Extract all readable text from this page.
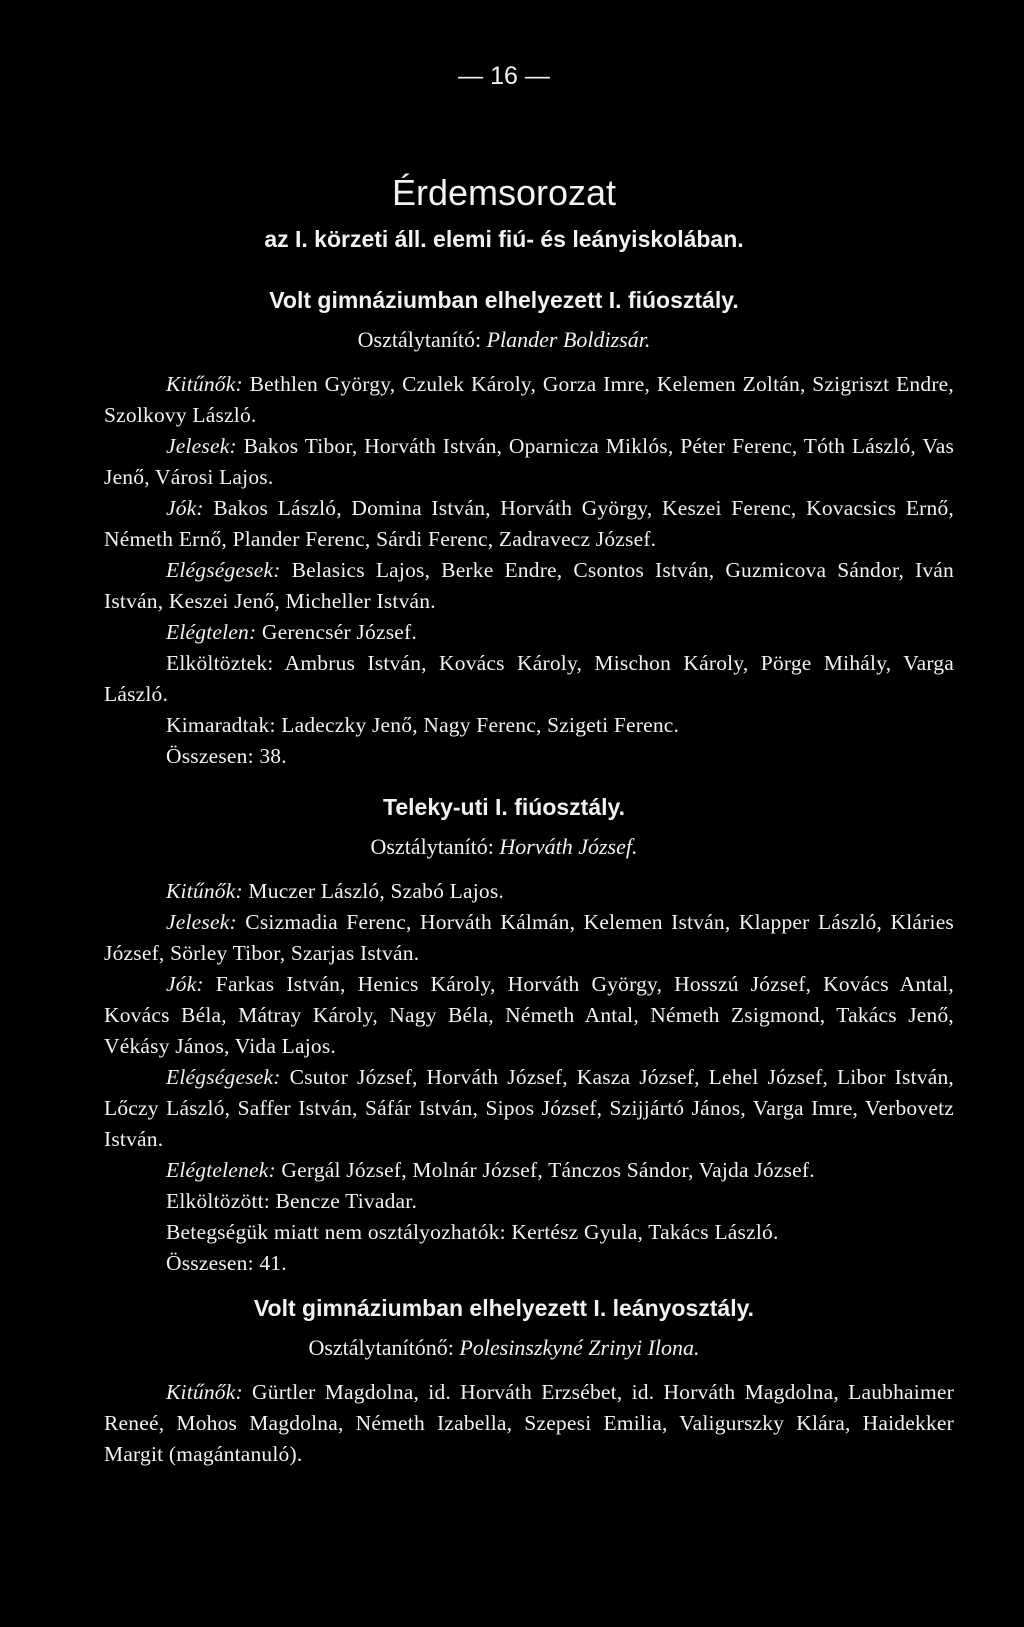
— 16 —
Érdemsorozat
az I. körzeti áll. elemi fiú- és leányiskolában.
Volt gimnáziumban elhelyezett I. fiúosztály.
Osztálytanító: Plander Boldizsár.

Kitűnők: Bethlen György, Czulek Károly, Gorza Imre, Kelemen Zoltán, Szigriszt Endre, Szolkovy László.

Jelesek: Bakos Tibor, Horváth István, Oparnicza Miklós, Péter Ferenc, Tóth László, Vas Jenő, Városi Lajos.

Jók: Bakos László, Domina István, Horváth György, Keszei Ferenc, Kovacsics Ernő, Németh Ernő, Plander Ferenc, Sárdi Ferenc, Zadravecz József.

Elégségesek: Belasics Lajos, Berke Endre, Csontos István, Guzmicova Sándor, Iván István, Keszei Jenő, Micheller István.

Elégtelen: Gerencsér József.

Elköltöztek: Ambrus István, Kovács Károly, Mischon Károly, Pörge Mihály, Varga László.

Kimaradtak: Ladeczky Jenő, Nagy Ferenc, Szigeti Ferenc.

Összesen: 38.

Teleky-uti I. fiúosztály.
Osztálytanító: Horváth József.

Kitűnők: Muczer László, Szabó Lajos.

Jelesek: Csizmadia Ferenc, Horváth Kálmán, Kelemen István, Klapper László, Kláries József, Sörley Tibor, Szarjas István.

Jók: Farkas István, Henics Károly, Horváth György, Hosszú József, Kovács Antal, Kovács Béla, Mátray Károly, Nagy Béla, Németh Antal, Németh Zsigmond, Takács Jenő, Vékásy János, Vida Lajos.

Elégségesek: Csutor József, Horváth József, Kasza József, Lehel József, Libor István, Lőczy László, Saffer István, Sáfár István, Sipos József, Szijjártó János, Varga Imre, Verbovetz István.

Elégtelenek: Gergál József, Molnár József, Tánczos Sándor, Vajda József.

Elköltözött: Bencze Tivadar.

Betegségük miatt nem osztályozhatók: Kertész Gyula, Takács László.

Összesen: 41.

Volt gimnáziumban elhelyezett I. leányosztály.
Osztálytanítónő: Polesinszkyné Zrinyi Ilona.

Kitűnők: Gürtler Magdolna, id. Horváth Erzsébet, id. Horváth Magdolna, Laubhaimer Reneé, Mohos Magdolna, Németh Izabella, Szepesi Emilia, Valigurszky Klára, Haidekker Margit (magántanuló).
